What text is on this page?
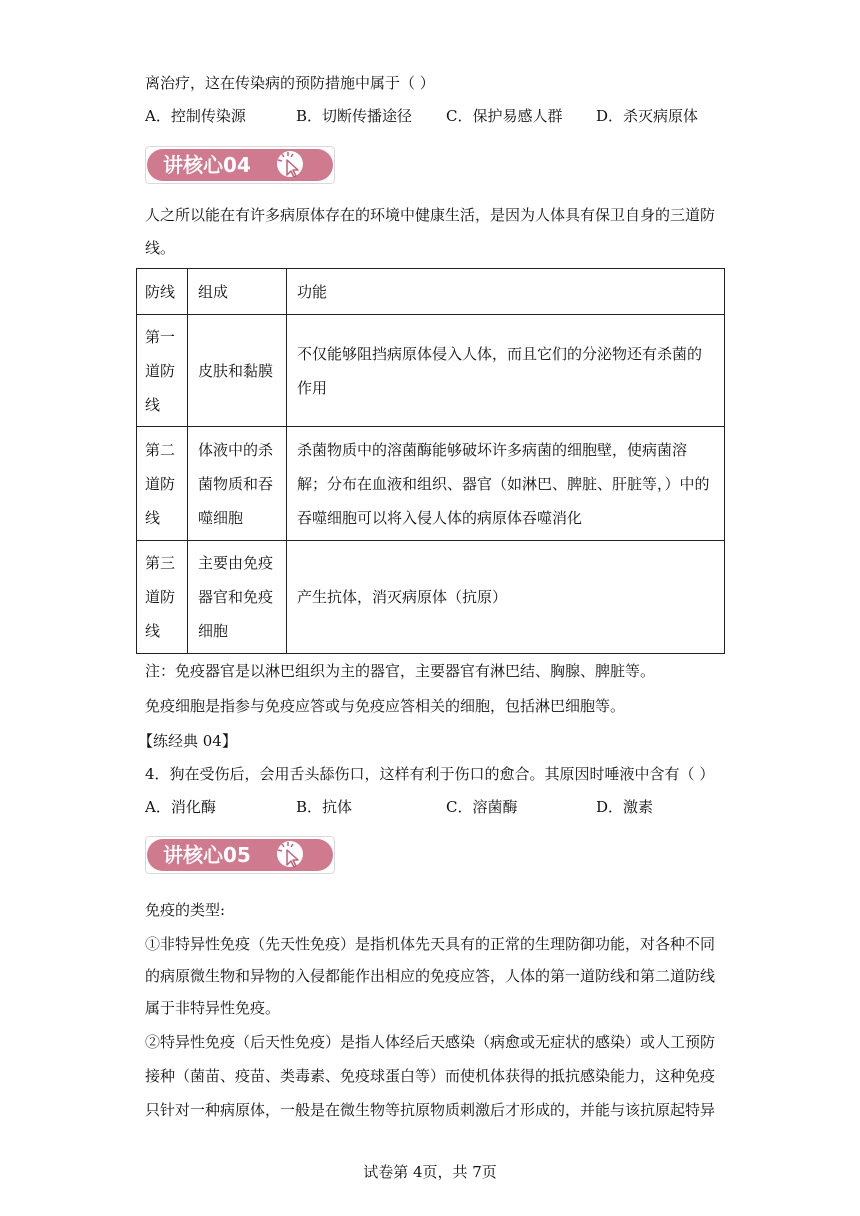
离治疗，这在传染病的预防措施中属于（ ）
A．控制传染源	B．切断传播途径 C．保护易感人群 D．杀灭病原体
讲核心04
人之所以能在有许多病原体存在的环境中健康生活，是因为人体具有保卫自身的三道防
线。
防线	组成	功能
第一道防线	皮肤和黏膜	不仅能够阻挡病原体侵入人体，而且它们的分泌物还有杀菌的作用
第二道防线	体液中的杀菌物质和吞噬细胞	杀菌物质中的溶菌酶能够破坏许多病菌的细胞壁，使病菌溶解；分布在血液和组织、器官（如淋巴、脾脏、肝脏等，）中的吞噬细胞可以将入侵人体的病原体吞噬消化
第三道防线	主要由免疫器官和免疫细胞	产生抗体，消灭病原体（抗原）
注：免疫器官是以淋巴组织为主的器官，主要器官有淋巴结、胸腺、脾脏等。
免疫细胞是指参与免疫应答或与免疫应答相关的细胞，包括淋巴细胞等。
【练经典 04】
4．狗在受伤后，会用舌头舔伤口，这样有利于伤口的愈合。其原因时唾液中含有（ ）
A．消化酶	B．抗体	C．溶菌酶	D．激素
讲核心05
免疫的类型:
①非特异性免疫（先天性免疫）是指机体先天具有的正常的生理防御功能，对各种不同
的病原微生物和异物的入侵都能作出相应的免疫应答，人体的第一道防线和第二道防线
属于非特异性免疫。
②特异性免疫（后天性免疫）是指人体经后天感染（病愈或无症状的感染）或人工预防
接种（菌苗、疫苗、类毒素、免疫球蛋白等）而使机体获得的抵抗感染能力，这种免疫
只针对一种病原体，一般是在微生物等抗原物质刺激后才形成的，并能与该抗原起特异
试卷第 4页，共 7页
